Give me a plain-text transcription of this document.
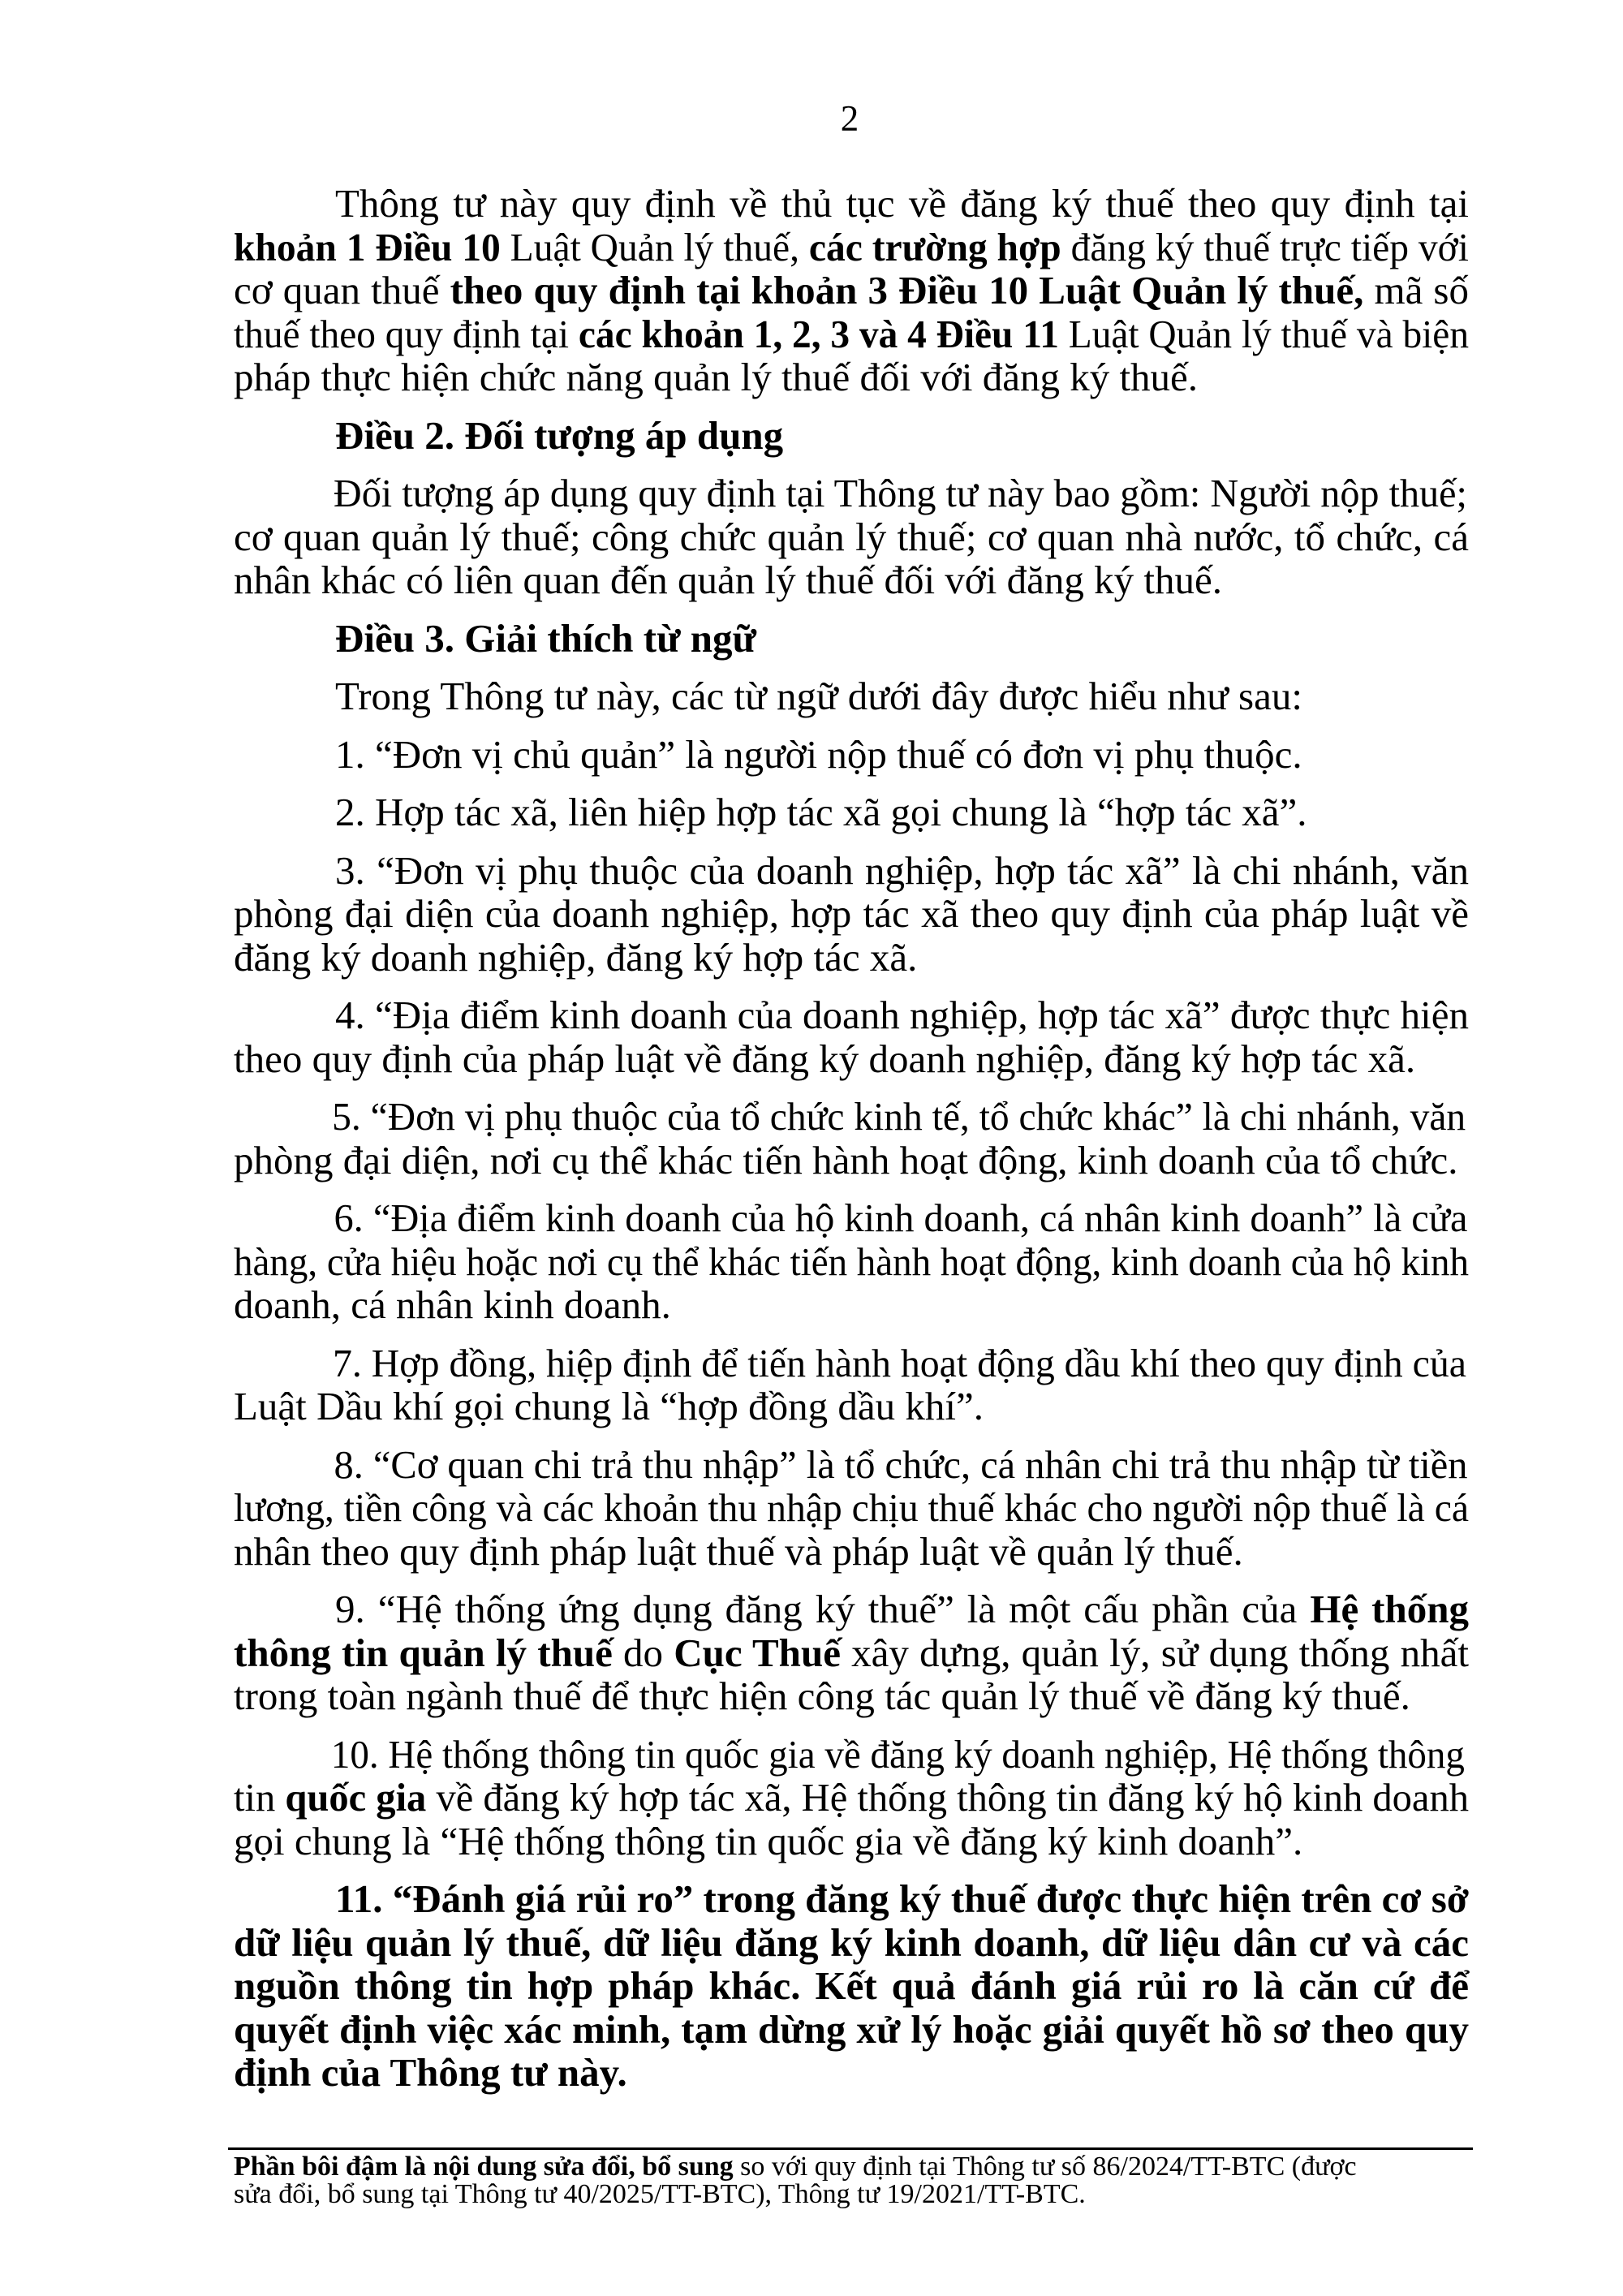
2
Thông tư này quy định về thủ tục về đăng ký thuế theo quy định tại
khoản 1 Điều 10 Luật Quản lý thuế, các trường hợp đăng ký thuế trực tiếp với
cơ quan thuế theo quy định tại khoản 3 Điều 10 Luật Quản lý thuế, mã số
thuế theo quy định tại các khoản 1, 2, 3 và 4 Điều 11 Luật Quản lý thuế và biện
pháp thực hiện chức năng quản lý thuế đối với đăng ký thuế.
Điều 2. Đối tượng áp dụng
Đối tượng áp dụng quy định tại Thông tư này bao gồm: Người nộp thuế;
cơ quan quản lý thuế; công chức quản lý thuế; cơ quan nhà nước, tổ chức, cá
nhân khác có liên quan đến quản lý thuế đối với đăng ký thuế.
Điều 3. Giải thích từ ngữ
Trong Thông tư này, các từ ngữ dưới đây được hiểu như sau:
1. “Đơn vị chủ quản” là người nộp thuế có đơn vị phụ thuộc.
2. Hợp tác xã, liên hiệp hợp tác xã gọi chung là “hợp tác xã”.
3. “Đơn vị phụ thuộc của doanh nghiệp, hợp tác xã” là chi nhánh, văn
phòng đại diện của doanh nghiệp, hợp tác xã theo quy định của pháp luật về
đăng ký doanh nghiệp, đăng ký hợp tác xã.
4. “Địa điểm kinh doanh của doanh nghiệp, hợp tác xã” được thực hiện
theo quy định của pháp luật về đăng ký doanh nghiệp, đăng ký hợp tác xã.
5. “Đơn vị phụ thuộc của tổ chức kinh tế, tổ chức khác” là chi nhánh, văn
phòng đại diện, nơi cụ thể khác tiến hành hoạt động, kinh doanh của tổ chức.
6. “Địa điểm kinh doanh của hộ kinh doanh, cá nhân kinh doanh” là cửa
hàng, cửa hiệu hoặc nơi cụ thể khác tiến hành hoạt động, kinh doanh của hộ kinh
doanh, cá nhân kinh doanh.
7. Hợp đồng, hiệp định để tiến hành hoạt động dầu khí theo quy định của
Luật Dầu khí gọi chung là “hợp đồng dầu khí”.
8. “Cơ quan chi trả thu nhập” là tổ chức, cá nhân chi trả thu nhập từ tiền
lương, tiền công và các khoản thu nhập chịu thuế khác cho người nộp thuế là cá
nhân theo quy định pháp luật thuế và pháp luật về quản lý thuế.
9. “Hệ thống ứng dụng đăng ký thuế” là một cấu phần của Hệ thống
thông tin quản lý thuế do Cục Thuế xây dựng, quản lý, sử dụng thống nhất
trong toàn ngành thuế để thực hiện công tác quản lý thuế về đăng ký thuế.
10. Hệ thống thông tin quốc gia về đăng ký doanh nghiệp, Hệ thống thông
tin quốc gia về đăng ký hợp tác xã, Hệ thống thông tin đăng ký hộ kinh doanh
gọi chung là “Hệ thống thông tin quốc gia về đăng ký kinh doanh”.
11. “Đánh giá rủi ro” trong đăng ký thuế được thực hiện trên cơ sở
dữ liệu quản lý thuế, dữ liệu đăng ký kinh doanh, dữ liệu dân cư và các
nguồn thông tin hợp pháp khác. Kết quả đánh giá rủi ro là căn cứ để
quyết định việc xác minh, tạm dừng xử lý hoặc giải quyết hồ sơ theo quy
định của Thông tư này.
Phần bôi đậm là nội dung sửa đổi, bổ sung so với quy định tại Thông tư số 86/2024/TT-BTC (được
sửa đổi, bổ sung tại Thông tư 40/2025/TT-BTC), Thông tư 19/2021/TT-BTC.
